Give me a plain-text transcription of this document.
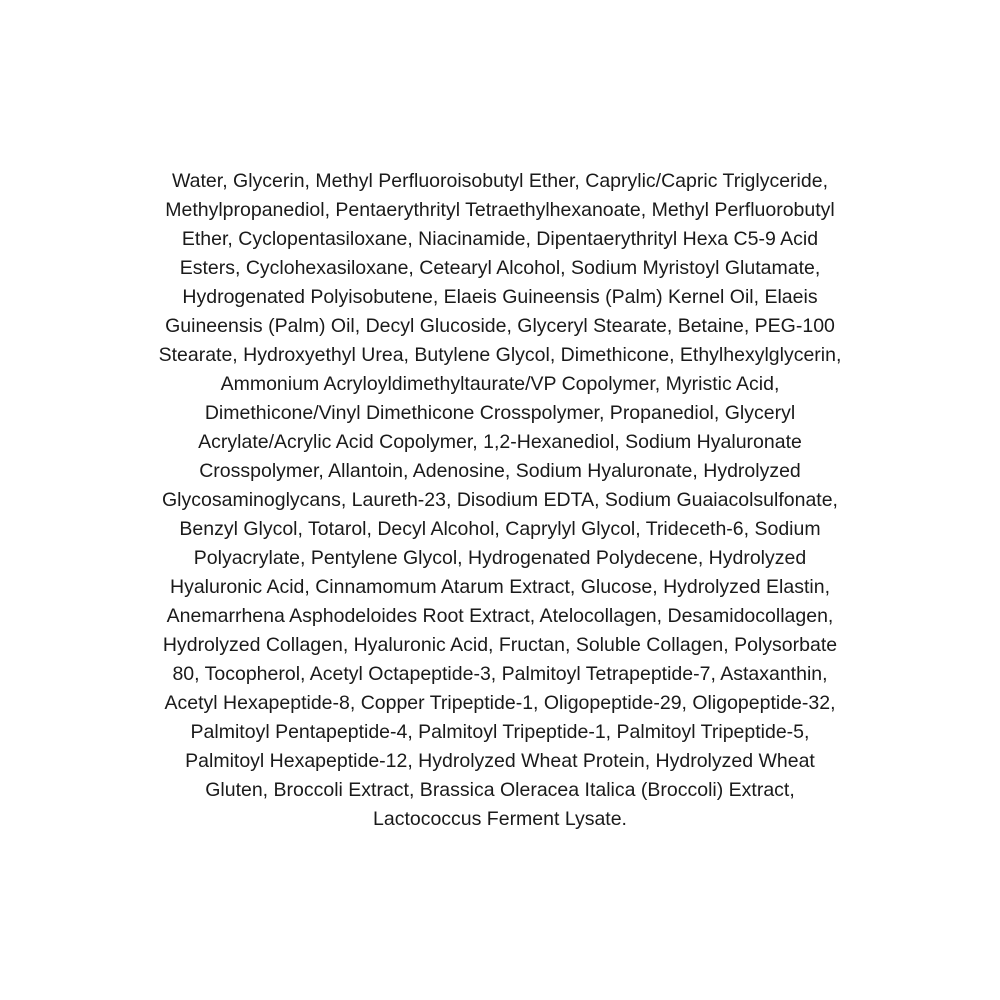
Water, Glycerin, Methyl Perfluoroisobutyl Ether, Caprylic/Capric Triglyceride,
Methylpropanediol, Pentaerythrityl Tetraethylhexanoate, Methyl Perfluorobutyl
Ether, Cyclopentasiloxane, Niacinamide, Dipentaerythrityl Hexa C5-9 Acid
Esters, Cyclohexasiloxane, Cetearyl Alcohol, Sodium Myristoyl Glutamate,
Hydrogenated Polyisobutene, Elaeis Guineensis (Palm) Kernel Oil, Elaeis
Guineensis (Palm) Oil, Decyl Glucoside, Glyceryl Stearate, Betaine, PEG-100
Stearate, Hydroxyethyl Urea, Butylene Glycol, Dimethicone, Ethylhexylglycerin,
Ammonium Acryloyldimethyltaurate/VP Copolymer, Myristic Acid,
Dimethicone/Vinyl Dimethicone Crosspolymer, Propanediol, Glyceryl
Acrylate/Acrylic Acid Copolymer, 1,2-Hexanediol, Sodium Hyaluronate
Crosspolymer, Allantoin, Adenosine, Sodium Hyaluronate, Hydrolyzed
Glycosaminoglycans, Laureth-23, Disodium EDTA, Sodium Guaiacolsulfonate,
Benzyl Glycol, Totarol, Decyl Alcohol, Caprylyl Glycol, Trideceth-6, Sodium
Polyacrylate, Pentylene Glycol, Hydrogenated Polydecene, Hydrolyzed
Hyaluronic Acid, Cinnamomum Atarum Extract, Glucose, Hydrolyzed Elastin,
Anemarrhena Asphodeloides Root Extract, Atelocollagen, Desamidocollagen,
Hydrolyzed Collagen, Hyaluronic Acid, Fructan, Soluble Collagen, Polysorbate
80, Tocopherol, Acetyl Octapeptide-3, Palmitoyl Tetrapeptide-7, Astaxanthin,
Acetyl Hexapeptide-8, Copper Tripeptide-1, Oligopeptide-29, Oligopeptide-32,
Palmitoyl Pentapeptide-4, Palmitoyl Tripeptide-1, Palmitoyl Tripeptide-5,
Palmitoyl Hexapeptide-12, Hydrolyzed Wheat Protein, Hydrolyzed Wheat
Gluten, Broccoli Extract, Brassica Oleracea Italica (Broccoli) Extract,
Lactococcus Ferment Lysate.
